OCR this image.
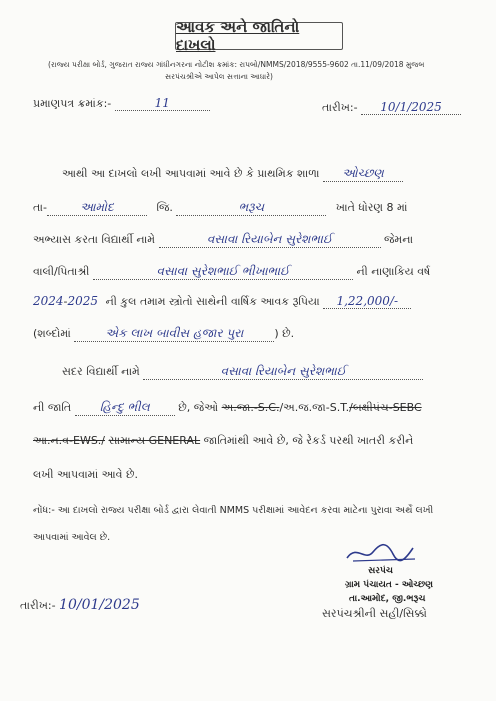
આવક અને જાતિનો દાખલો
(રાજ્ય પરીક્ષા બોર્ડ, ગુજરાત રાજ્ય ગાંધીનગરના નોટીશ ક્રમાંક: રાપબો/NMMS/2018/9555-9602 તા.11/09/2018 મુજબ
સરપંચશ્રીએ આપેલ સત્તાના આધારે)
પ્રમાણપત્ર ક્રમાંક:-	11	તારીખ:- 10/1/2025
આથી આ દાખલો લખી આપવામાં આવે છે કે પ્રાથમિક શાળા ઓચ્છણ
તા-	આમોદ	જિ.	ભરૂચ	ખાતે ધોરણ 8 માં
અભ્યાસ કરતા વિદ્યાર્થી નામે	વસાવા રિયાબેન સુરેશભાઈ	જેમના
વાલી/પિતાશ્રી	વસાવા સુરેશભાઈ ભીખાભાઈ	ની નાણાકિય વર્ષ
2024-2025 ની કુલ તમામ સ્ત્રોતો સાથેની વાર્ષિક આવક રૂપિયા 1,22,000/-
(શબ્દોમાં	એક લાખ બાવીસ હજાર પુરા	) છે.
સદર વિદ્યાર્થી નામે	વસાવા રિયાબેન સુરેશભાઈ
ની જાતિ હિન્દુ ભીલ	છે, જેઓ અ.જા.-S.C./અ.જ.જા-S.T./બક્ષીપંચ-SEBC
આ.ન.વ-EWS./ સામાન્ય GENERAL જાતિમાંથી આવે છે, જે રેકર્ડ પરથી ખાતરી કરીને
લખી આપવામાં આવે છે.
નોંધ:- આ દાખલો રાજ્ય પરીક્ષા બોર્ડ દ્વારા લેવાતી NMMS પરીક્ષામાં આવેદન કરવા માટેના પુરાવા અર્થે લખી
આપવામાં આવેલ છે.
સરપંચ
ગ્રામ પંચાયત - ઓચ્છણ
તા.આમોદ, જી.ભરૂચ
સરપંચશ્રીની સહી/સિક્કો
તારીખ:- 10/01/2025
